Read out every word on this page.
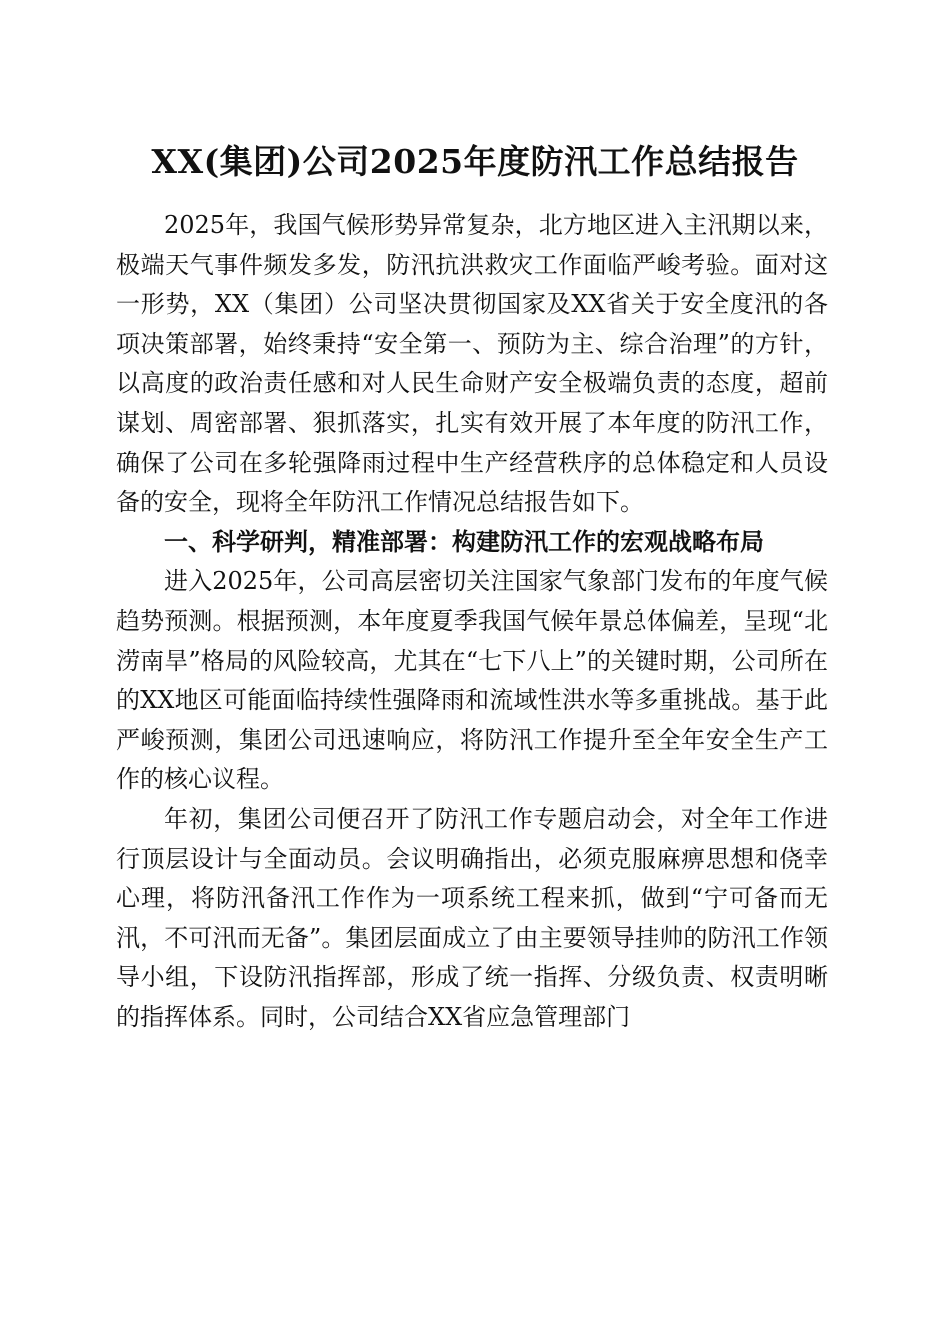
XX(集团)公司2025年度防汛工作总结报告

2025年，我国气候形势异常复杂，北方地区进入主汛期以来，极端天气事件频发多发，防汛抗洪救灾工作面临严峻考验。面对这一形势，XX（集团）公司坚决贯彻国家及XX省关于安全度汛的各项决策部署，始终秉持“安全第一、预防为主、综合治理”的方针，以高度的政治责任感和对人民生命财产安全极端负责的态度，超前谋划、周密部署、狠抓落实，扎实有效开展了本年度的防汛工作，确保了公司在多轮强降雨过程中生产经营秩序的总体稳定和人员设备的安全，现将全年防汛工作情况总结报告如下。

一、科学研判，精准部署：构建防汛工作的宏观战略布局

进入2025年，公司高层密切关注国家气象部门发布的年度气候趋势预测。根据预测，本年度夏季我国气候年景总体偏差，呈现“北涝南旱”格局的风险较高，尤其在“七下八上”的关键时期，公司所在的XX地区可能面临持续性强降雨和流域性洪水等多重挑战。基于此严峻预测，集团公司迅速响应，将防汛工作提升至全年安全生产工作的核心议程。

年初，集团公司便召开了防汛工作专题启动会，对全年工作进行顶层设计与全面动员。会议明确指出，必须克服麻痹思想和侥幸心理，将防汛备汛工作作为一项系统工程来抓，做到“宁可备而无汛，不可汛而无备”。集团层面成立了由主要领导挂帅的防汛工作领导小组，下设防汛指挥部，形成了统一指挥、分级负责、权责明晰的指挥体系。同时，公司结合XX省应急管理部门
